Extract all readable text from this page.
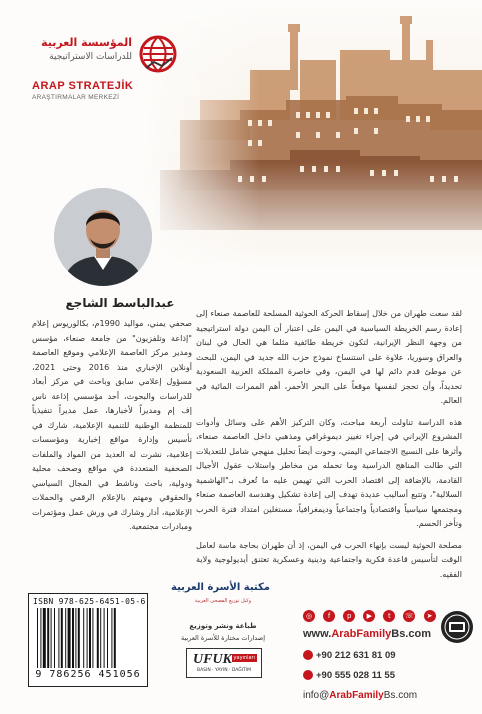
المؤسسة العربية
للدراسات الاستراتيجية
ARAP STRATEJİK
ARAŞTIRMALAR MERKEZİ
عبدالباسط الشاجع

صحفي يمني، مواليد 1990م، بكالوريوس إعلام "إذاعة وتلفزيون" من جامعة صنعاء، مؤسس ومدير مركز العاصمة الإعلامي وموقع العاصمة أونلاين الإخباري منذ 2016 وحتى 2021، مسؤول إعلامي سابق وباحث في مركز أبعاد للدراسات والبحوث، أحد مؤسسي إذاعة ناس إف إم ومديراً لأخبارها، عمل مديراً تنفيذياً للمنظمة الوطنية للتنمية الإعلامية، شارك في تأسيس وإدارة مواقع إخبارية ومؤسسات إعلامية، نشرت له العديد من المواد والملفات الصحفية المتعددة في مواقع وصحف محلية ودولية، باحث وناشط في المجال السياسي والحقوقي ومهتم بالإعلام الرقمي والحملات الإعلامية، أدار وشارك في ورش عمل ومؤتمرات ومبادرات مجتمعية.

لقد سعت طهران من خلال إسقاط الحركة الحوثية المسلحة للعاصمة صنعاء إلى إعادة رسم الخريطة السياسية في اليمن على اعتبار أن اليمن دولة استراتيجية من وجهة النظر الإيرانية، لتكون خريطة طائفية مثلما هي الحال في لبنان والعراق وسوريا، علاوة على استنساخ نموذج حزب الله جديد في اليمن، للبحث عن موطئ قدم دائم لها في اليمن، وفي خاصرة المملكة العربية السعودية تحديداً، وأن تحجز لنفسها موقعاً على البحر الأحمر، أهم الممرات المائية في العالم.

هذه الدراسة تناولت أربعة مباحث، وكان التركيز الأهم على وسائل وأدوات المشروع الإيراني في إجراء تغيير ديموغرافي ومذهبي داخل العاصمة صنعاء، وأثرها على النسيج الاجتماعي اليمني، وحوت أيضاً تحليل منهجي شامل للتعديلات التي طالت المناهج الدراسية وما تحمله من مخاطر واستلاب عقول الأجيال القادمة، بالإضافة إلى اقتصاد الحرب التي تهيمن عليه ما تُعرف بـ"الهاشمية السلالية"، وتتبع أساليب عديدة تهدف إلى إعادة تشكيل وهندسة العاصمة صنعاء ومجتمعها سياسياً واقتصادياً واجتماعياً وديمغرافياً، مستغلين امتداد فترة الحرب وتأخر الحسم.

مصلحة الحوثية ليست بإنهاء الحرب في اليمن، إذ أن طهران بحاجة ماسة لعامل الوقت لتأسيس قاعدة فكرية واجتماعية ودينية وعسكرية تعتنق أيديولوجية ولاية الفقيه.

ISBN 978-625-6451-05-6
9 786256 451056
مكتبة الأسرة العربية
وكيل توزيع الفصحى العربية
طباعة ونشر وتوزيع
إصدارات مختارة للأسرة العربية
UFUK yayınları
BASIN · YAYIN · DAĞITIM
◎
	f
	p
	▶
	t
	☏
	➤
www.ArabFamilyBs.com
+90 212 631 81 09
+90 555 028 11 55
info@ArabFamilyBs.com
